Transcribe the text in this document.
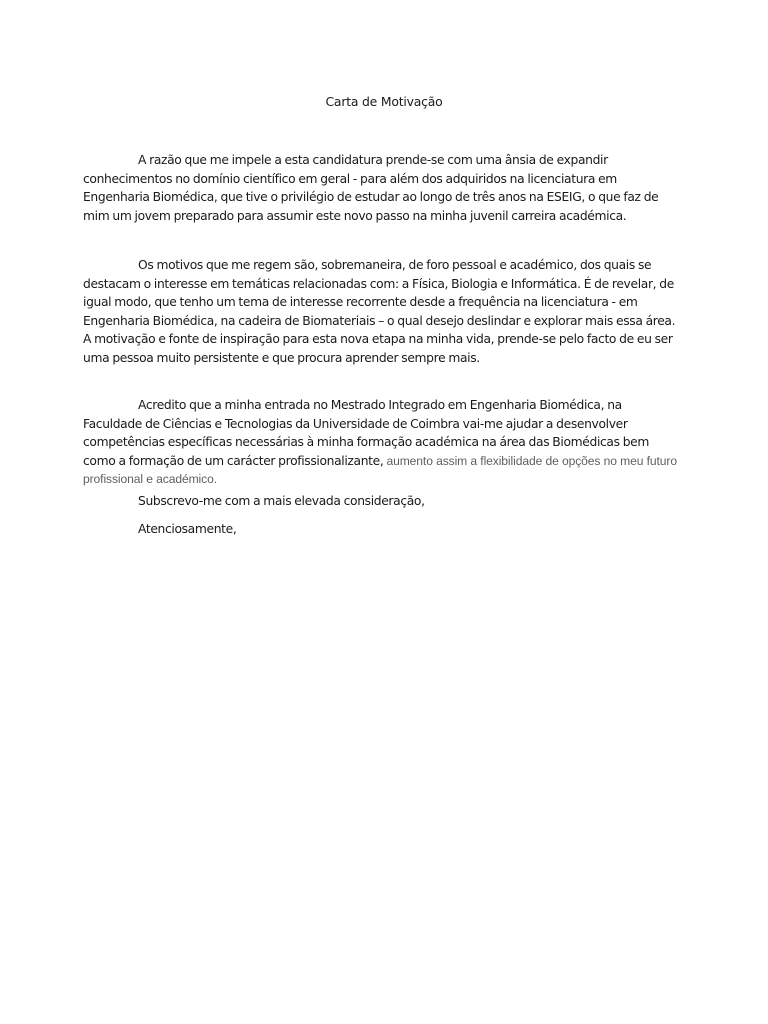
Carta de Motivação
A razão que me impele a esta candidatura prende-se com uma ânsia de expandir conhecimentos no domínio científico em geral - para além dos adquiridos na licenciatura em Engenharia Biomédica, que tive o privilégio de estudar ao longo de três anos na ESEIG, o que faz de mim um jovem preparado para assumir este novo passo na minha juvenil carreira académica.
Os motivos que me regem são, sobremaneira, de foro pessoal e académico, dos quais se destacam o interesse em temáticas relacionadas com: a Física, Biologia e Informática. É de revelar, de igual modo, que tenho um tema de interesse recorrente desde a frequência na licenciatura - em Engenharia Biomédica, na cadeira de Biomateriais – o qual desejo deslindar e explorar mais essa área. A motivação e fonte de inspiração para esta nova etapa na minha vida, prende-se pelo facto de eu ser uma pessoa muito persistente e que procura aprender sempre mais.
Acredito que a minha entrada no Mestrado Integrado em Engenharia Biomédica, na Faculdade de Ciências e Tecnologias da Universidade de Coimbra vai-me ajudar a desenvolver competências específicas necessárias à minha formação académica na área das Biomédicas bem como a formação de um carácter profissionalizante, aumento assim a flexibilidade de opções no meu futuro profissional e académico.
Subscrevo-me com a mais elevada consideração,
Atenciosamente,
